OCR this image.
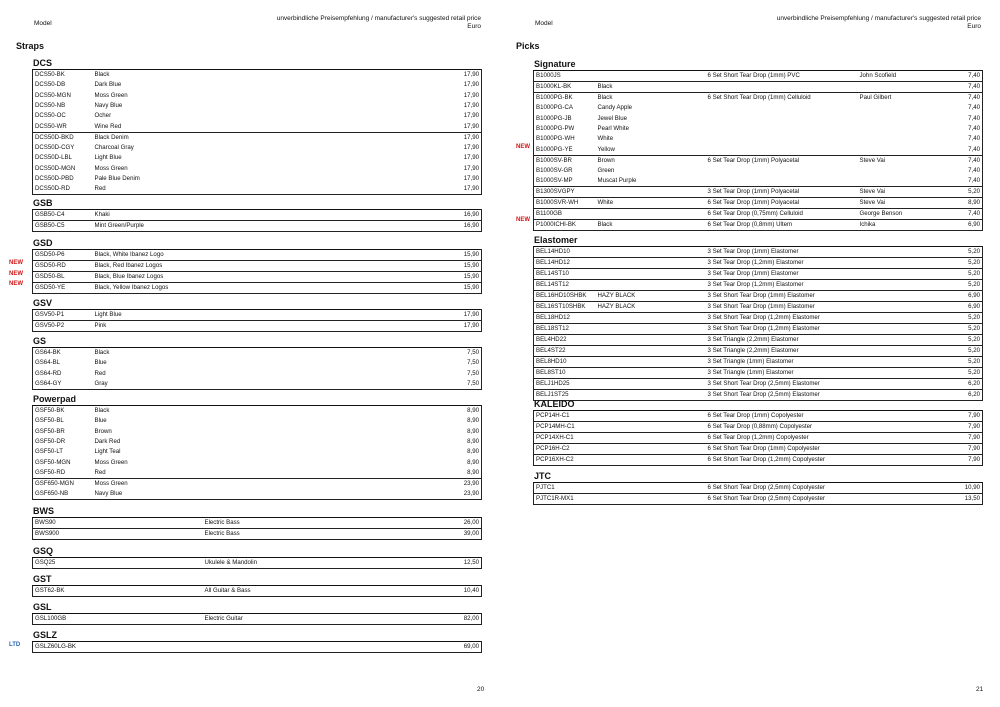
Model
unverbindliche Preisempfehlung / manufacturer's suggested retail price
Euro
Straps
DCS
DCS50-BK	Black	17,90
DCS50-DB	Dark Blue	17,90
DCS50-MGN	Moss Green	17,90
DCS50-NB	Navy Blue	17,90
DCS50-OC	Ocher	17,90
DCS50-WR	Wine Red	17,90
DCS50D-BKD	Black Denim	17,90
DCS50D-CGY	Charcoal Gray	17,90
DCS50D-LBL	Light Blue	17,90
DCS50D-MGN	Moss Green	17,90
DCS50D-PBD	Pale Blue Denim	17,90
DCS50D-RD	Red	17,90
GSB
GSB50-C4	Khaki	16,90
GSB50-C5	Mint Green/Purple	16,90
GSD
GSD50-P6	Black, White Ibanez Logo	15,90
GSD50-RD	Black, Red Ibanez Logos	15,90
GSD50-BL	Black, Blue Ibanez Logos	15,90
GSD50-YE	Black, Yellow Ibanez Logos	15,90
GSV
GSV50-P1	Light Blue	17,90
GSV50-P2	Pink	17,90
GS
GS64-BK	Black	7,50
GS64-BL	Blue	7,50
GS64-RD	Red	7,50
GS64-GY	Gray	7,50
Powerpad
GSF50-BK	Black	8,90
GSF50-BL	Blue	8,90
GSF50-BR	Brown	8,90
GSF50-DR	Dark Red	8,90
GSF50-LT	Light Teal	8,90
GSF50-MGN	Moss Green	8,90
GSF50-RD	Red	8,90
GSF650-MGN	Moss Green	23,90
GSF650-NB	Navy Blue	23,90
BWS
BWS90		Electric Bass	26,00
BWS900		Electric Bass	39,00
GSQ
GSQ25		Ukulele & Mandolin	12,50
GST
GST62-BK		All Guitar & Bass	10,40
GSL
GSL100GB		Electric Guitar	82,00
GSLZ
GSLZ60LG-BK		69,00
20
NEW
NEW
NEW
LTD
Model
unverbindliche Preisempfehlung / manufacturer's suggested retail price
Euro
Picks
Signature
B1000JS		6 Set Short Tear Drop (1mm) PVC	John Scofield	7,40
B1000KL-BK	Black			7,40
B1000PG-BK	Black	6 Set Short Tear Drop (1mm) Celluloid	Paul Gilbert	7,40
B1000PG-CA	Candy Apple			7,40
B1000PG-JB	Jewel Blue			7,40
B1000PG-PW	Pearl White			7,40
B1000PG-WH	White			7,40
B1000PG-YE	Yellow			7,40
B1000SV-BR	Brown	6 Set Tear Drop (1mm) Polyacetal	Steve Vai	7,40
B1000SV-GR	Green			7,40
B1000SV-MP	Muscat Purple			7,40
B1300SVGPY		3 Set Tear Drop (1mm) Polyacetal	Steve Vai	5,20
B1000SVR-WH	White	6 Set Tear Drop (1mm) Polyacetal	Steve Vai	8,90
B1100GB		6 Set Tear Drop (0,75mm) Celluloid	George Benson	7,40
P1000ICHI-BK	Black	6 Set Tear Drop (0,8mm) Ultem	Ichika	6,90
Elastomer
BEL14HD10		3 Set Tear Drop (1mm) Elastomer		5,20
BEL14HD12		3 Set Tear Drop (1,2mm) Elastomer		5,20
BEL14ST10		3 Set Tear Drop (1mm) Elastomer		5,20
BEL14ST12		3 Set Tear Drop (1,2mm) Elastomer		5,20
BEL16HD10SHBK	HAZY BLACK	3 Set Short Tear Drop (1mm) Elastomer		6,90
BEL16ST10SHBK	HAZY BLACK	3 Set Short Tear Drop (1mm) Elastomer		6,90
BEL18HD12		3 Set Short Tear Drop (1,2mm) Elastomer		5,20
BEL18ST12		3 Set Short Tear Drop (1,2mm) Elastomer		5,20
BEL4HD22		3 Set Triangle (2,2mm) Elastomer		5,20
BEL4ST22		3 Set Triangle (2,2mm) Elastomer		5,20
BEL8HD10		3 Set Triangle (1mm) Elastomer		5,20
BEL8ST10		3 Set Triangle (1mm) Elastomer		5,20
BELJ1HD25		3 Set Short Tear Drop (2,5mm) Elastomer		6,20
BELJ1ST25		3 Set Short Tear Drop (2,5mm) Elastomer		6,20
KALEIDO
PCP14H-C1		6 Set Tear Drop (1mm) Copolyester		7,90
PCP14MH-C1		6 Set Tear Drop (0,88mm) Copolyester		7,90
PCP14XH-C1		6 Set Tear Drop (1,2mm) Copolyester		7,90
PCP16H-C2		6 Set Short Tear Drop (1mm) Copolyester		7,90
PCP16XH-C2		6 Set Short Tear Drop (1,2mm) Copolyester		7,90
JTC
PJTC1		6 Set Short Tear Drop (2,5mm) Copolyester		10,90
PJTC1R-MX1		6 Set Short Tear Drop (2,5mm) Copolyester		13,50
21
NEW
NEW
